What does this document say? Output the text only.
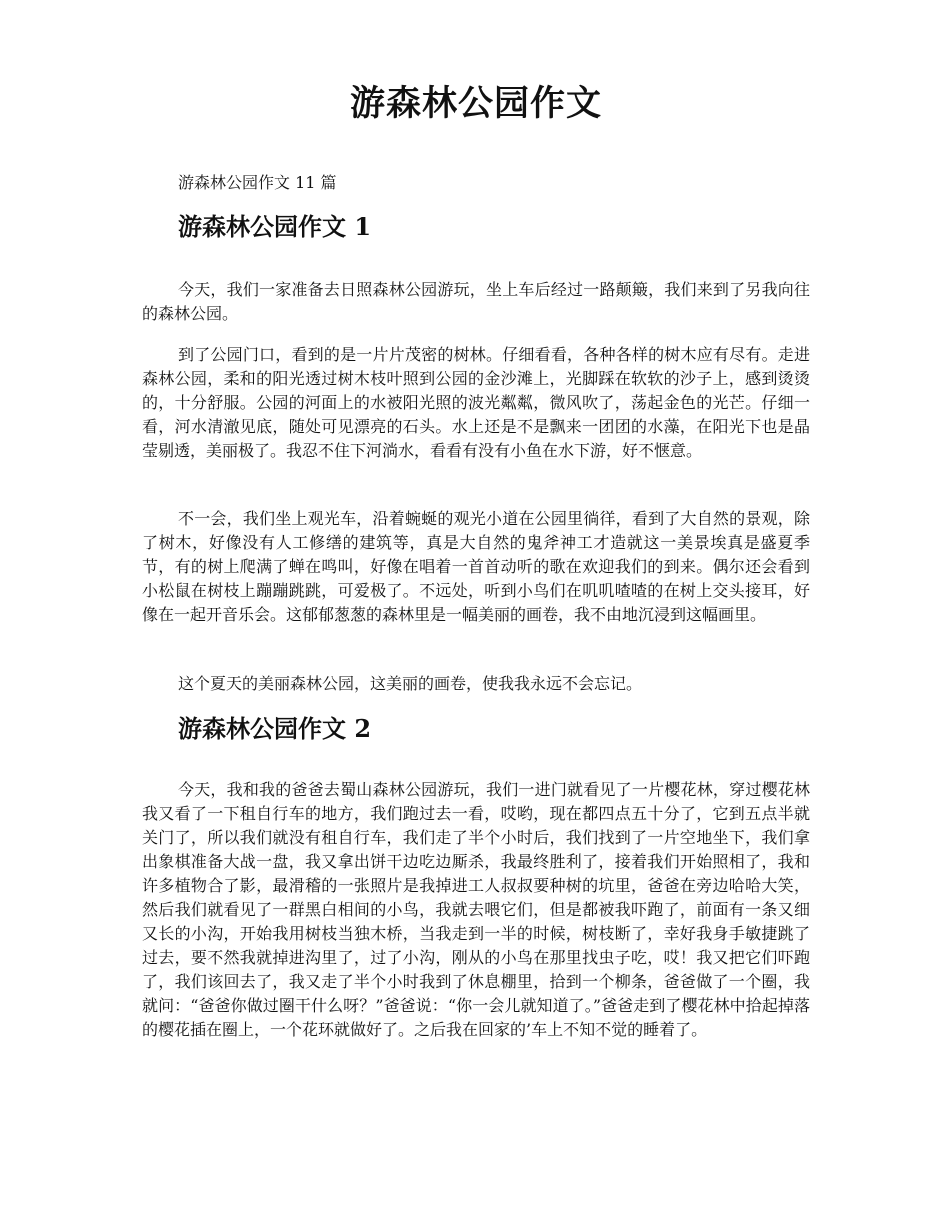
游森林公园作文

游森林公园作文 11 篇

游森林公园作文 1

今天，我们一家准备去日照森林公园游玩，坐上车后经过一路颠簸，我们来到了另我向往的森林公园。

到了公园门口，看到的是一片片茂密的树林。仔细看看，各种各样的树木应有尽有。走进森林公园，柔和的阳光透过树木枝叶照到公园的金沙滩上，光脚踩在软软的沙子上，感到烫烫的，十分舒服。公园的河面上的水被阳光照的波光粼粼，微风吹了，荡起金色的光芒。仔细一看，河水清澈见底，随处可见漂亮的石头。水上还是不是飘来一团团的水藻，在阳光下也是晶莹剔透，美丽极了。我忍不住下河淌水，看看有没有小鱼在水下游，好不惬意。

不一会，我们坐上观光车，沿着蜿蜒的观光小道在公园里徜徉，看到了大自然的景观，除了树木，好像没有人工修缮的建筑等，真是大自然的鬼斧神工才造就这一美景埃真是盛夏季节，有的树上爬满了蝉在鸣叫，好像在唱着一首首动听的歌在欢迎我们的到来。偶尔还会看到小松鼠在树枝上蹦蹦跳跳，可爱极了。不远处，听到小鸟们在叽叽喳喳的在树上交头接耳，好像在一起开音乐会。这郁郁葱葱的森林里是一幅美丽的画卷，我不由地沉浸到这幅画里。

这个夏天的美丽森林公园，这美丽的画卷，使我我永远不会忘记。

游森林公园作文 2

今天，我和我的爸爸去蜀山森林公园游玩，我们一进门就看见了一片樱花林，穿过樱花林我又看了一下租自行车的地方，我们跑过去一看，哎哟，现在都四点五十分了，它到五点半就关门了，所以我们就没有租自行车，我们走了半个小时后，我们找到了一片空地坐下，我们拿出象棋准备大战一盘，我又拿出饼干边吃边厮杀，我最终胜利了，接着我们开始照相了，我和许多植物合了影，最滑稽的一张照片是我掉进工人叔叔要种树的坑里，爸爸在旁边哈哈大笑，然后我们就看见了一群黑白相间的小鸟，我就去喂它们，但是都被我吓跑了，前面有一条又细又长的小沟，开始我用树枝当独木桥，当我走到一半的时候，树枝断了，幸好我身手敏捷跳了过去，要不然我就掉进沟里了，过了小沟，刚从的小鸟在那里找虫子吃，哎！我又把它们吓跑了，我们该回去了，我又走了半个小时我到了休息棚里，拾到一个柳条，爸爸做了一个圈，我就问：“爸爸你做过圈干什么呀？”爸爸说：“你一会儿就知道了。”爸爸走到了樱花林中拾起掉落的樱花插在圈上，一个花环就做好了。之后我在回家的’车上不知不觉的睡着了。
